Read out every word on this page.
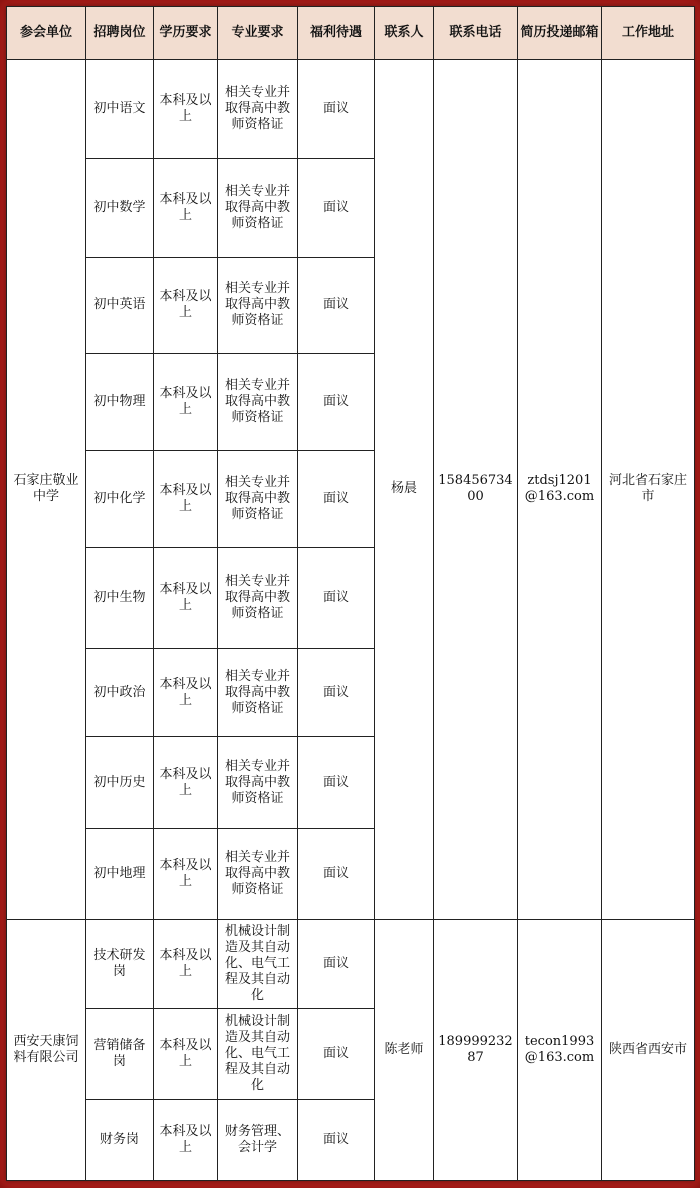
参会单位	招聘岗位	学历要求	专业要求	福利待遇	联系人	联系电话	简历投递邮箱	工作地址
石家庄敬业中学	初中语文	本科及以上	相关专业并取得高中教师资格证	面议	杨晨	15845673400	ztdsj1201@163.com	河北省石家庄市
	初中数学	本科及以上	相关专业并取得高中教师资格证	面议				
	初中英语	本科及以上	相关专业并取得高中教师资格证	面议				
	初中物理	本科及以上	相关专业并取得高中教师资格证	面议				
	初中化学	本科及以上	相关专业并取得高中教师资格证	面议				
	初中生物	本科及以上	相关专业并取得高中教师资格证	面议				
	初中政治	本科及以上	相关专业并取得高中教师资格证	面议				
	初中历史	本科及以上	相关专业并取得高中教师资格证	面议				
	初中地理	本科及以上	相关专业并取得高中教师资格证	面议				
西安天康饲料有限公司	技术研发岗	本科及以上	机械设计制造及其自动化、电气工程及其自动化	面议	陈老师	18999923287	tecon1993@163.com	陕西省西安市
	营销储备岗	本科及以上	机械设计制造及其自动化、电气工程及其自动化	面议				
	财务岗	本科及以上	财务管理、会计学	面议				
